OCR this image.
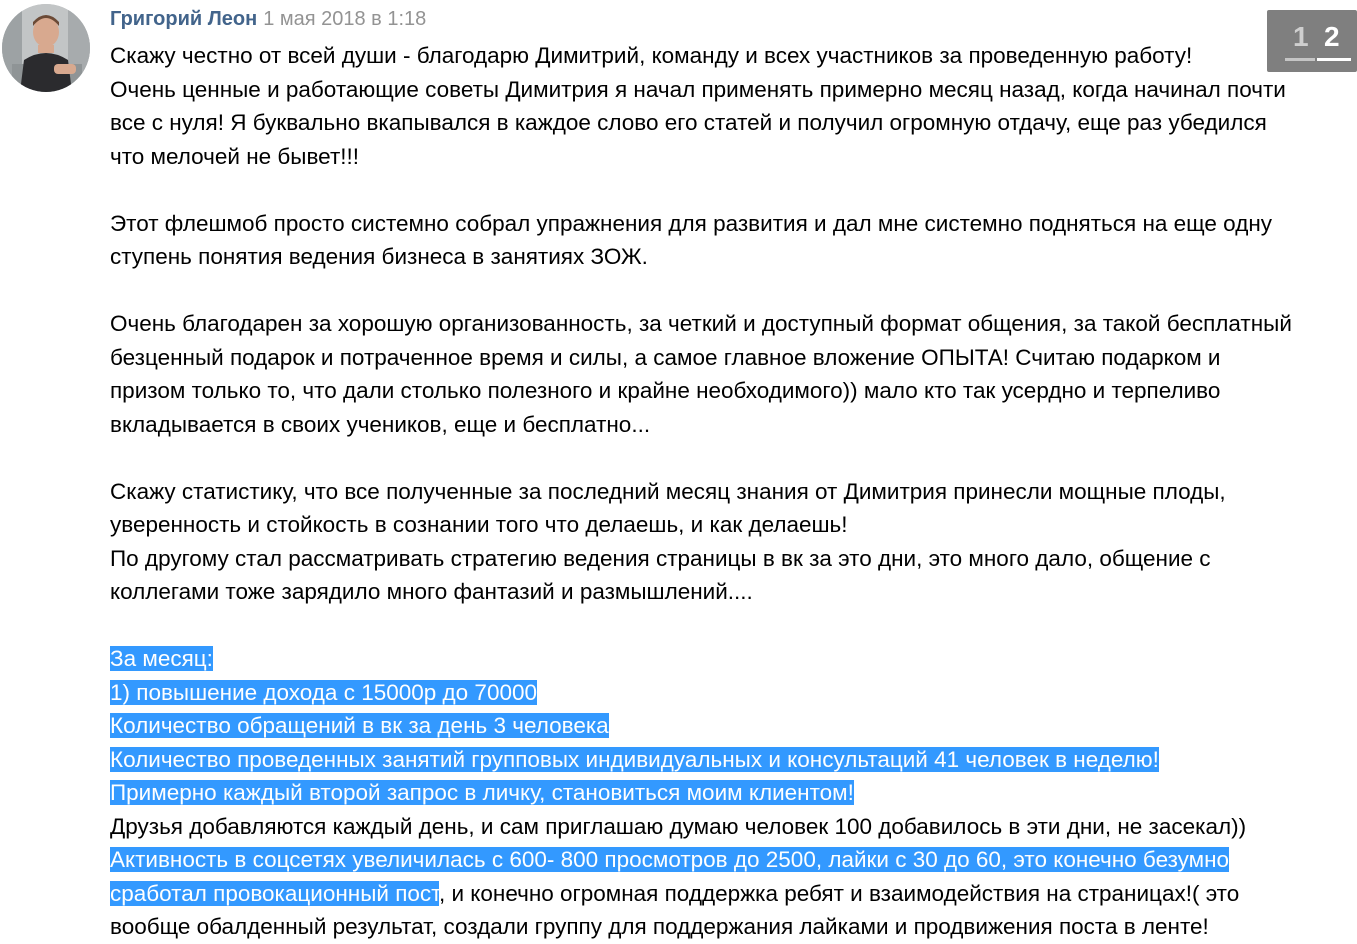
Григорий Леон 1 мая 2018 в 1:18
1 2
Скажу честно от всей души - благодарю Димитрий, команду и всех участников за проведенную работу!
Очень ценные и работающие советы Димитрия я начал применять примерно месяц назад, когда начинал почти
все с нуля! Я буквально вкапывался в каждое слово его статей и получил огромную отдачу, еще раз убедился
что мелочей не бывет!!!
Этот флешмоб просто системно собрал упражнения для развития и дал мне системно подняться на еще одну
ступень понятия ведения бизнеса в занятиях ЗОЖ.
Очень благодарен за хорошую организованность, за четкий и доступный формат общения, за такой бесплатный
безценный подарок и потраченное время и силы, а самое главное вложение ОПЫТА! Считаю подарком и
призом только то, что дали столько полезного и крайне необходимого)) мало кто так усердно и терпеливо
вкладывается в своих учеников, еще и бесплатно...
Скажу статистику, что все полученные за последний месяц знания от Димитрия принесли мощные плоды,
уверенность и стойкость в сознании того что делаешь, и как делаешь!
По другому стал рассматривать стратегию ведения страницы в вк за это дни, это много дало, общение с
коллегами тоже зарядило много фантазий и размышлений....
За месяц:
1) повышение дохода с 15000р до 70000
Количество обращений в вк за день 3 человека
Количество проведенных занятий групповых индивидуальных и консультаций 41 человек в неделю!
Примерно каждый второй запрос в личку, становиться моим клиентом!
Друзья добавляются каждый день, и сам приглашаю думаю человек 100 добавилось в эти дни, не засекал))
Активность в соцсетях увеличилась с 600- 800 просмотров до 2500, лайки с 30 до 60, это конечно безумно
сработал провокационный пост, и конечно огромная поддержка ребят и взаимодействия на страницах!( это
вообще обалденный результат, создали группу для поддержания лайками и продвижения поста в ленте!
